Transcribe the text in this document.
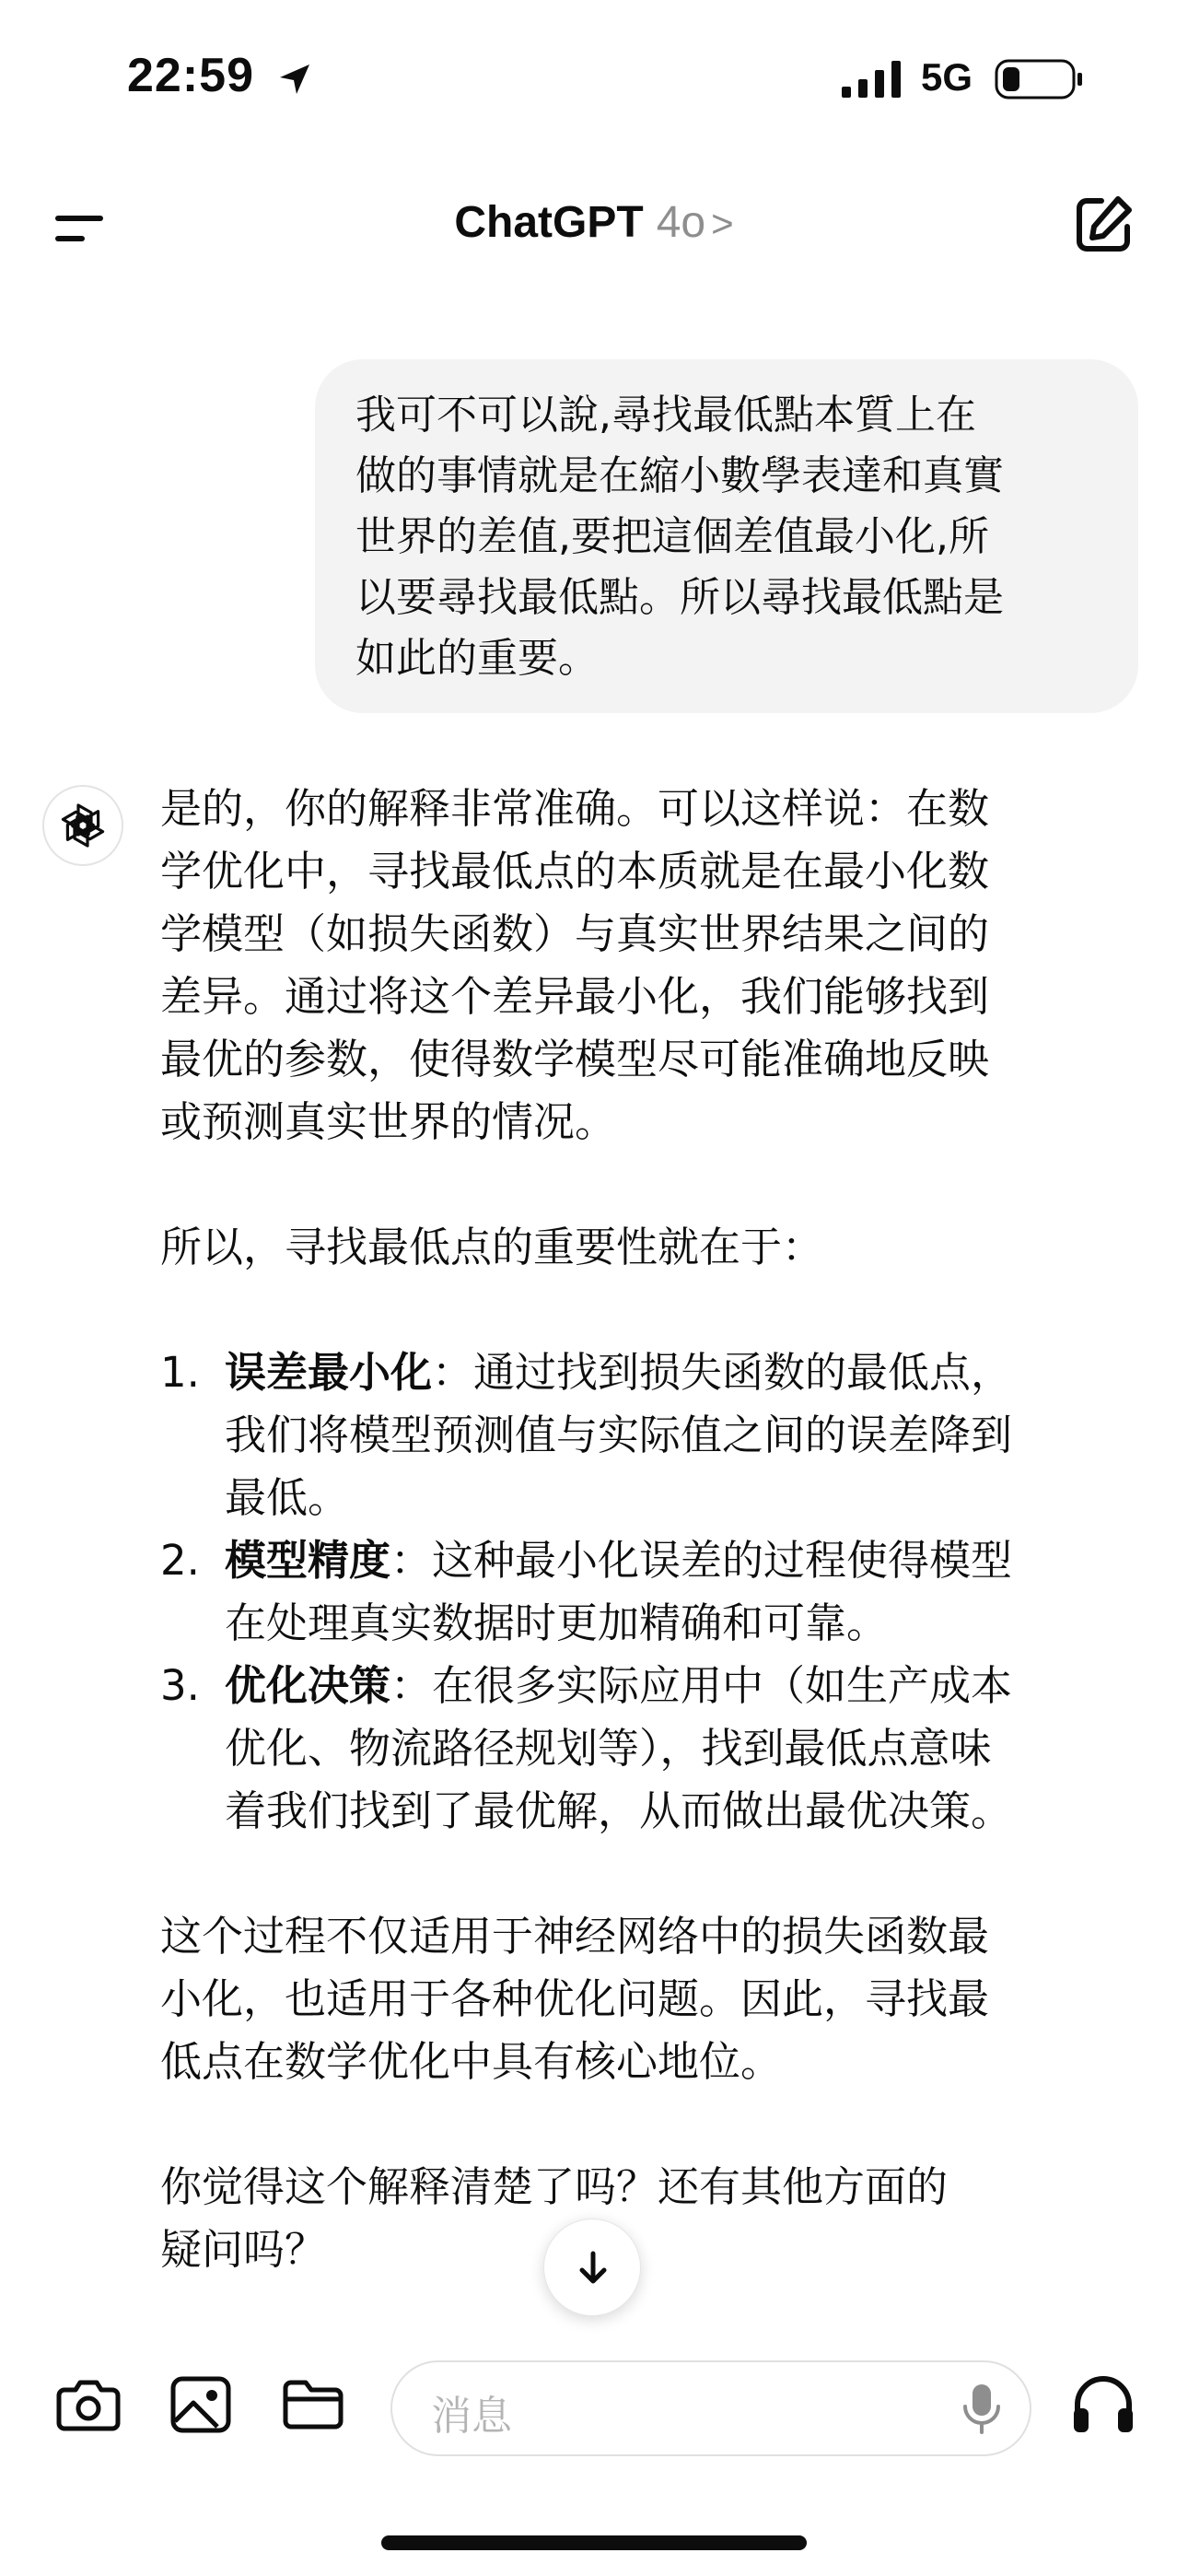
22:59	5G
ChatGPT 4o >
我可不可以說,尋找最低點本質上在
做的事情就是在縮小數學表達和真實
世界的差值,要把這個差值最小化,所
以要尋找最低點。所以尋找最低點是
如此的重要。

是的，你的解释非常准确。可以这样说：在数
学优化中，寻找最低点的本质就是在最小化数
学模型（如损失函数）与真实世界结果之间的
差异。通过将这个差异最小化，我们能够找到
最优的参数，使得数学模型尽可能准确地反映
或预测真实世界的情况。

所以，寻找最低点的重要性就在于：

1. 误差最小化：通过找到损失函数的最低点，
我们将模型预测值与实际值之间的误差降到
最低。
2. 模型精度：这种最小化误差的过程使得模型
在处理真实数据时更加精确和可靠。
3. 优化决策：在很多实际应用中（如生产成本
优化、物流路径规划等），找到最低点意味
着我们找到了最优解，从而做出最优决策。

这个过程不仅适用于神经网络中的损失函数最
小化，也适用于各种优化问题。因此，寻找最
低点在数学优化中具有核心地位。

你觉得这个解释清楚了吗？还有其他方面的
疑问吗？

消息
